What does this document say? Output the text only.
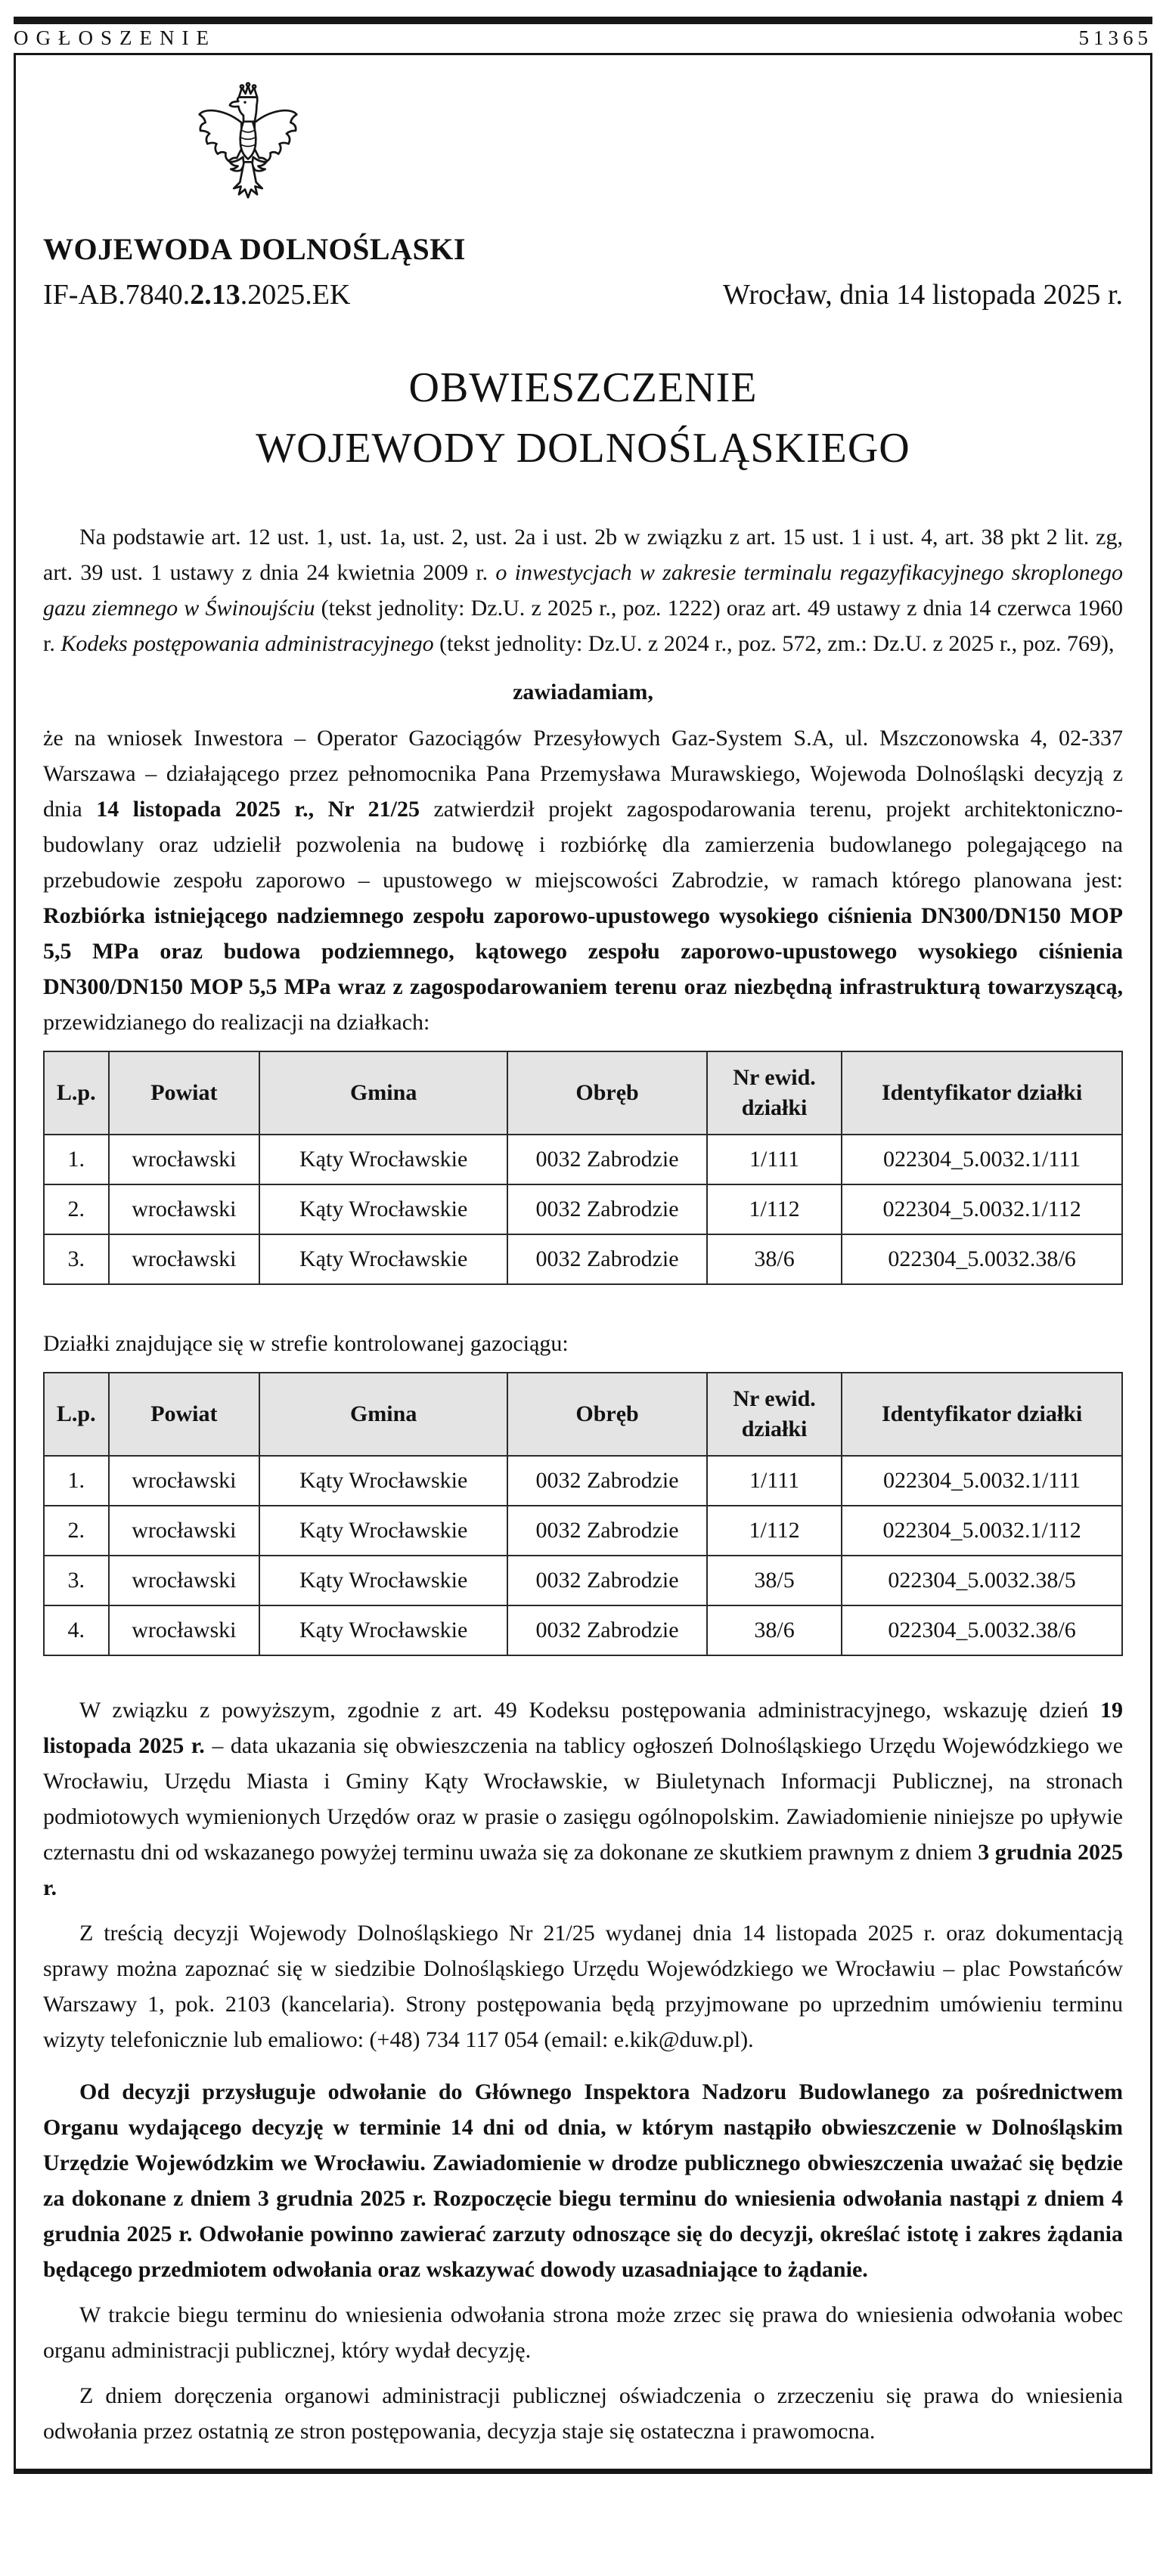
OGŁOSZENIE	51365
WOJEWODA DOLNOŚLĄSKI
IF-AB.7840.2.13.2025.EK	Wrocław, dnia 14 listopada 2025 r.
OBWIESZCZENIE
WOJEWODY DOLNOŚLĄSKIEGO

Na podstawie art. 12 ust. 1, ust. 1a, ust. 2, ust. 2a i ust. 2b w związku z art. 15 ust. 1 i ust. 4, art. 38 pkt 2 lit. zg, art. 39 ust. 1 ustawy z dnia 24 kwietnia 2009 r. o inwestycjach w zakresie terminalu regazyfikacyjnego skroplonego gazu ziemnego w Świnoujściu (tekst jednolity: Dz.U. z 2025 r., poz. 1222) oraz art. 49 ustawy z dnia 14 czerwca 1960 r. Kodeks postępowania administracyjnego (tekst jednolity: Dz.U. z 2024 r., poz. 572, zm.: Dz.U. z 2025 r., poz. 769),

zawiadamiam,

że na wniosek Inwestora – Operator Gazociągów Przesyłowych Gaz-System S.A, ul. Mszczonowska 4, 02-337 Warszawa – działającego przez pełnomocnika Pana Przemysława Murawskiego, Wojewoda Dolnośląski decyzją z dnia 14 listopada 2025 r., Nr 21/25 zatwierdził projekt zagospodarowania terenu, projekt architektoniczno-budowlany oraz udzielił pozwolenia na budowę i rozbiórkę dla zamierzenia budowlanego polegającego na przebudowie zespołu zaporowo – upustowego w miejscowości Zabrodzie, w ramach którego planowana jest: Rozbiórka istniejącego nadziemnego zespołu zaporowo-upustowego wysokiego ciśnienia DN300/DN150 MOP 5,5 MPa oraz budowa podziemnego, kątowego zespołu zaporowo-upustowego wysokiego ciśnienia DN300/DN150 MOP 5,5 MPa wraz z zagospodarowaniem terenu oraz niezbędną infrastrukturą towarzyszącą, przewidzianego do realizacji na działkach:

L.p.	Powiat	Gmina	Obręb	Nr ewid. działki	Identyfikator działki
1.	wrocławski	Kąty Wrocławskie	0032 Zabrodzie	1/111	022304_5.0032.1/111
2.	wrocławski	Kąty Wrocławskie	0032 Zabrodzie	1/112	022304_5.0032.1/112
3.	wrocławski	Kąty Wrocławskie	0032 Zabrodzie	38/6	022304_5.0032.38/6

Działki znajdujące się w strefie kontrolowanej gazociągu:

L.p.	Powiat	Gmina	Obręb	Nr ewid. działki	Identyfikator działki
1.	wrocławski	Kąty Wrocławskie	0032 Zabrodzie	1/111	022304_5.0032.1/111
2.	wrocławski	Kąty Wrocławskie	0032 Zabrodzie	1/112	022304_5.0032.1/112
3.	wrocławski	Kąty Wrocławskie	0032 Zabrodzie	38/5	022304_5.0032.38/5
4.	wrocławski	Kąty Wrocławskie	0032 Zabrodzie	38/6	022304_5.0032.38/6

W związku z powyższym, zgodnie z art. 49 Kodeksu postępowania administracyjnego, wskazuję dzień 19 listopada 2025 r. – data ukazania się obwieszczenia na tablicy ogłoszeń Dolnośląskiego Urzędu Wojewódzkiego we Wrocławiu, Urzędu Miasta i Gminy Kąty Wrocławskie, w Biuletynach Informacji Publicznej, na stronach podmiotowych wymienionych Urzędów oraz w prasie o zasięgu ogólnopolskim. Zawiadomienie niniejsze po upływie czternastu dni od wskazanego powyżej terminu uważa się za dokonane ze skutkiem prawnym z dniem 3 grudnia 2025 r.

Z treścią decyzji Wojewody Dolnośląskiego Nr 21/25 wydanej dnia 14 listopada 2025 r. oraz dokumentacją sprawy można zapoznać się w siedzibie Dolnośląskiego Urzędu Wojewódzkiego we Wrocławiu – plac Powstańców Warszawy 1, pok. 2103 (kancelaria). Strony postępowania będą przyjmowane po uprzednim umówieniu terminu wizyty telefonicznie lub emaliowo: (+48) 734 117 054 (email: e.kik@duw.pl).

Od decyzji przysługuje odwołanie do Głównego Inspektora Nadzoru Budowlanego za pośrednictwem Organu wydającego decyzję w terminie 14 dni od dnia, w którym nastąpiło obwieszczenie w Dolnośląskim Urzędzie Wojewódzkim we Wrocławiu. Zawiadomienie w drodze publicznego obwieszczenia uważać się będzie za dokonane z dniem 3 grudnia 2025 r. Rozpoczęcie biegu terminu do wniesienia odwołania nastąpi z dniem 4 grudnia 2025 r. Odwołanie powinno zawierać zarzuty odnoszące się do decyzji, określać istotę i zakres żądania będącego przedmiotem odwołania oraz wskazywać dowody uzasadniające to żądanie.

W trakcie biegu terminu do wniesienia odwołania strona może zrzec się prawa do wniesienia odwołania wobec organu administracji publicznej, który wydał decyzję.

Z dniem doręczenia organowi administracji publicznej oświadczenia o zrzeczeniu się prawa do wniesienia odwołania przez ostatnią ze stron postępowania, decyzja staje się ostateczna i prawomocna.
